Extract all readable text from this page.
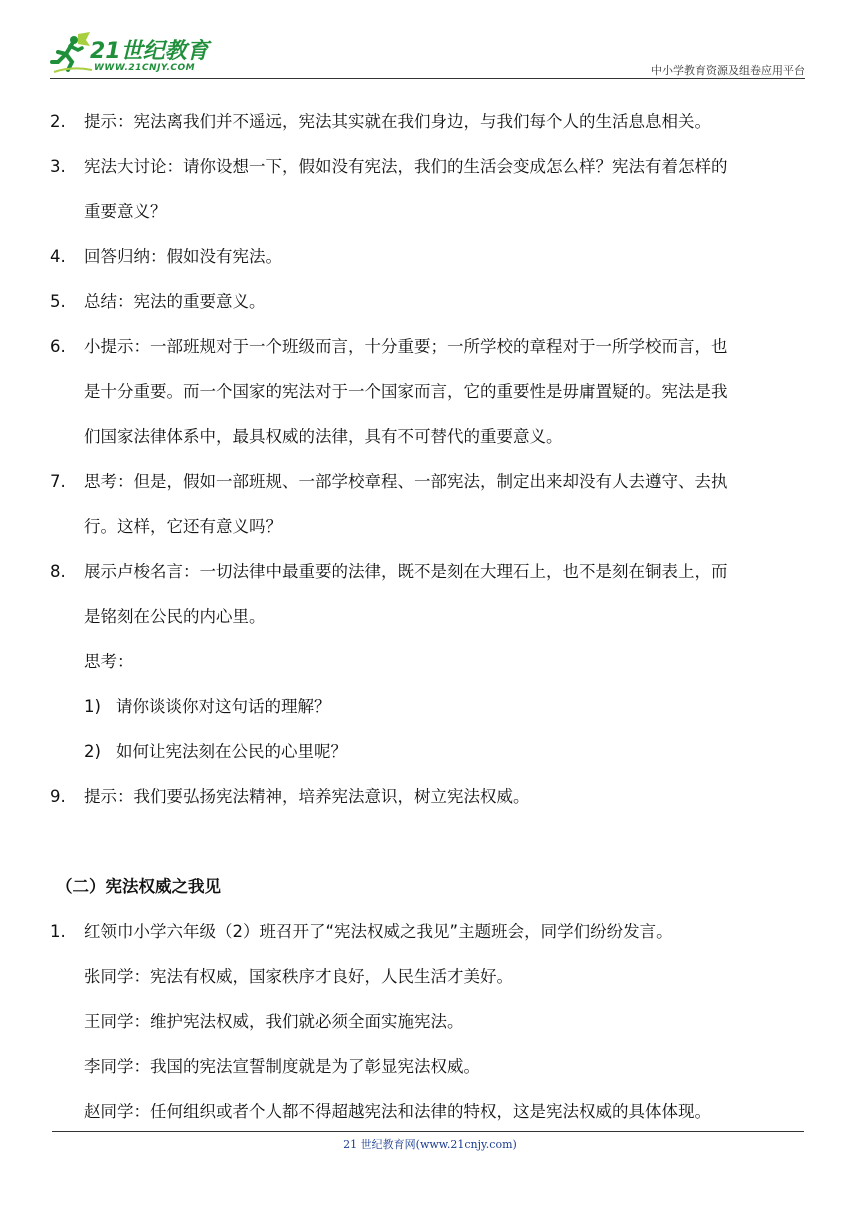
21世纪教育
WWW.21CNJY.COM	中小学教育资源及组卷应用平台
2. 提示：宪法离我们并不遥远，宪法其实就在我们身边，与我们每个人的生活息息相关。
3. 宪法大讨论：请你设想一下，假如没有宪法，我们的生活会变成怎么样？宪法有着怎样的
重要意义？
4. 回答归纳：假如没有宪法。
5. 总结：宪法的重要意义。
6. 小提示：一部班规对于一个班级而言，十分重要；一所学校的章程对于一所学校而言，也
是十分重要。而一个国家的宪法对于一个国家而言，它的重要性是毋庸置疑的。宪法是我
们国家法律体系中，最具权威的法律，具有不可替代的重要意义。
7. 思考：但是，假如一部班规、一部学校章程、一部宪法，制定出来却没有人去遵守、去执
行。这样，它还有意义吗？
8. 展示卢梭名言：一切法律中最重要的法律，既不是刻在大理石上，也不是刻在铜表上，而
是铭刻在公民的内心里。
思考：
1) 请你谈谈你对这句话的理解？
2) 如何让宪法刻在公民的心里呢？
9. 提示：我们要弘扬宪法精神，培养宪法意识，树立宪法权威。
（二）宪法权威之我见
1. 红领巾小学六年级（2）班召开了“宪法权威之我见”主题班会，同学们纷纷发言。
张同学：宪法有权威，国家秩序才良好，人民生活才美好。
王同学：维护宪法权威，我们就必须全面实施宪法。
李同学：我国的宪法宣誓制度就是为了彰显宪法权威。
赵同学：任何组织或者个人都不得超越宪法和法律的特权，这是宪法权威的具体体现。
21 世纪教育网(www.21cnjy.com)
